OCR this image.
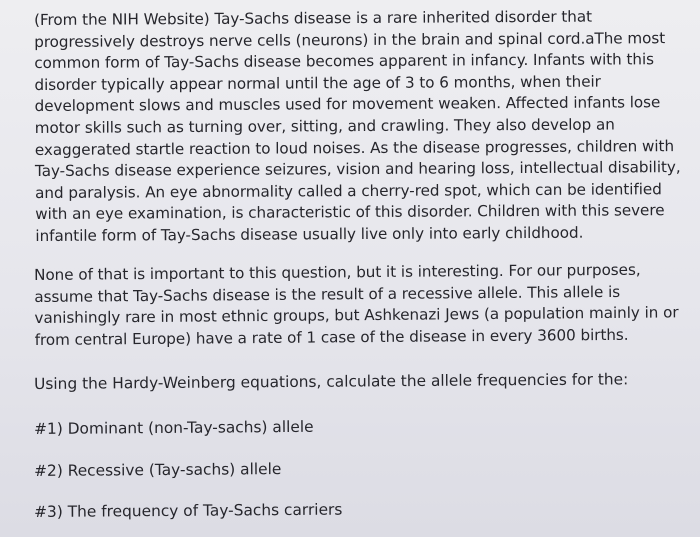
(From the NIH Website) Tay-Sachs disease is a rare inherited disorder that
progressively destroys nerve cells (neurons) in the brain and spinal cord.aThe most
common form of Tay-Sachs disease becomes apparent in infancy. Infants with this
disorder typically appear normal until the age of 3 to 6 months, when their
development slows and muscles used for movement weaken. Affected infants lose
motor skills such as turning over, sitting, and crawling. They also develop an
exaggerated startle reaction to loud noises. As the disease progresses, children with
Tay-Sachs disease experience seizures, vision and hearing loss, intellectual disability,
and paralysis. An eye abnormality called a cherry-red spot, which can be identified
with an eye examination, is characteristic of this disorder. Children with this severe
infantile form of Tay-Sachs disease usually live only into early childhood.

None of that is important to this question, but it is interesting. For our purposes,
assume that Tay-Sachs disease is the result of a recessive allele. This allele is
vanishingly rare in most ethnic groups, but Ashkenazi Jews (a population mainly in or
from central Europe) have a rate of 1 case of the disease in every 3600 births.

Using the Hardy-Weinberg equations, calculate the allele frequencies for the:

#1) Dominant (non-Tay-sachs) allele

#2) Recessive (Tay-sachs) allele

#3) The frequency of Tay-Sachs carriers
